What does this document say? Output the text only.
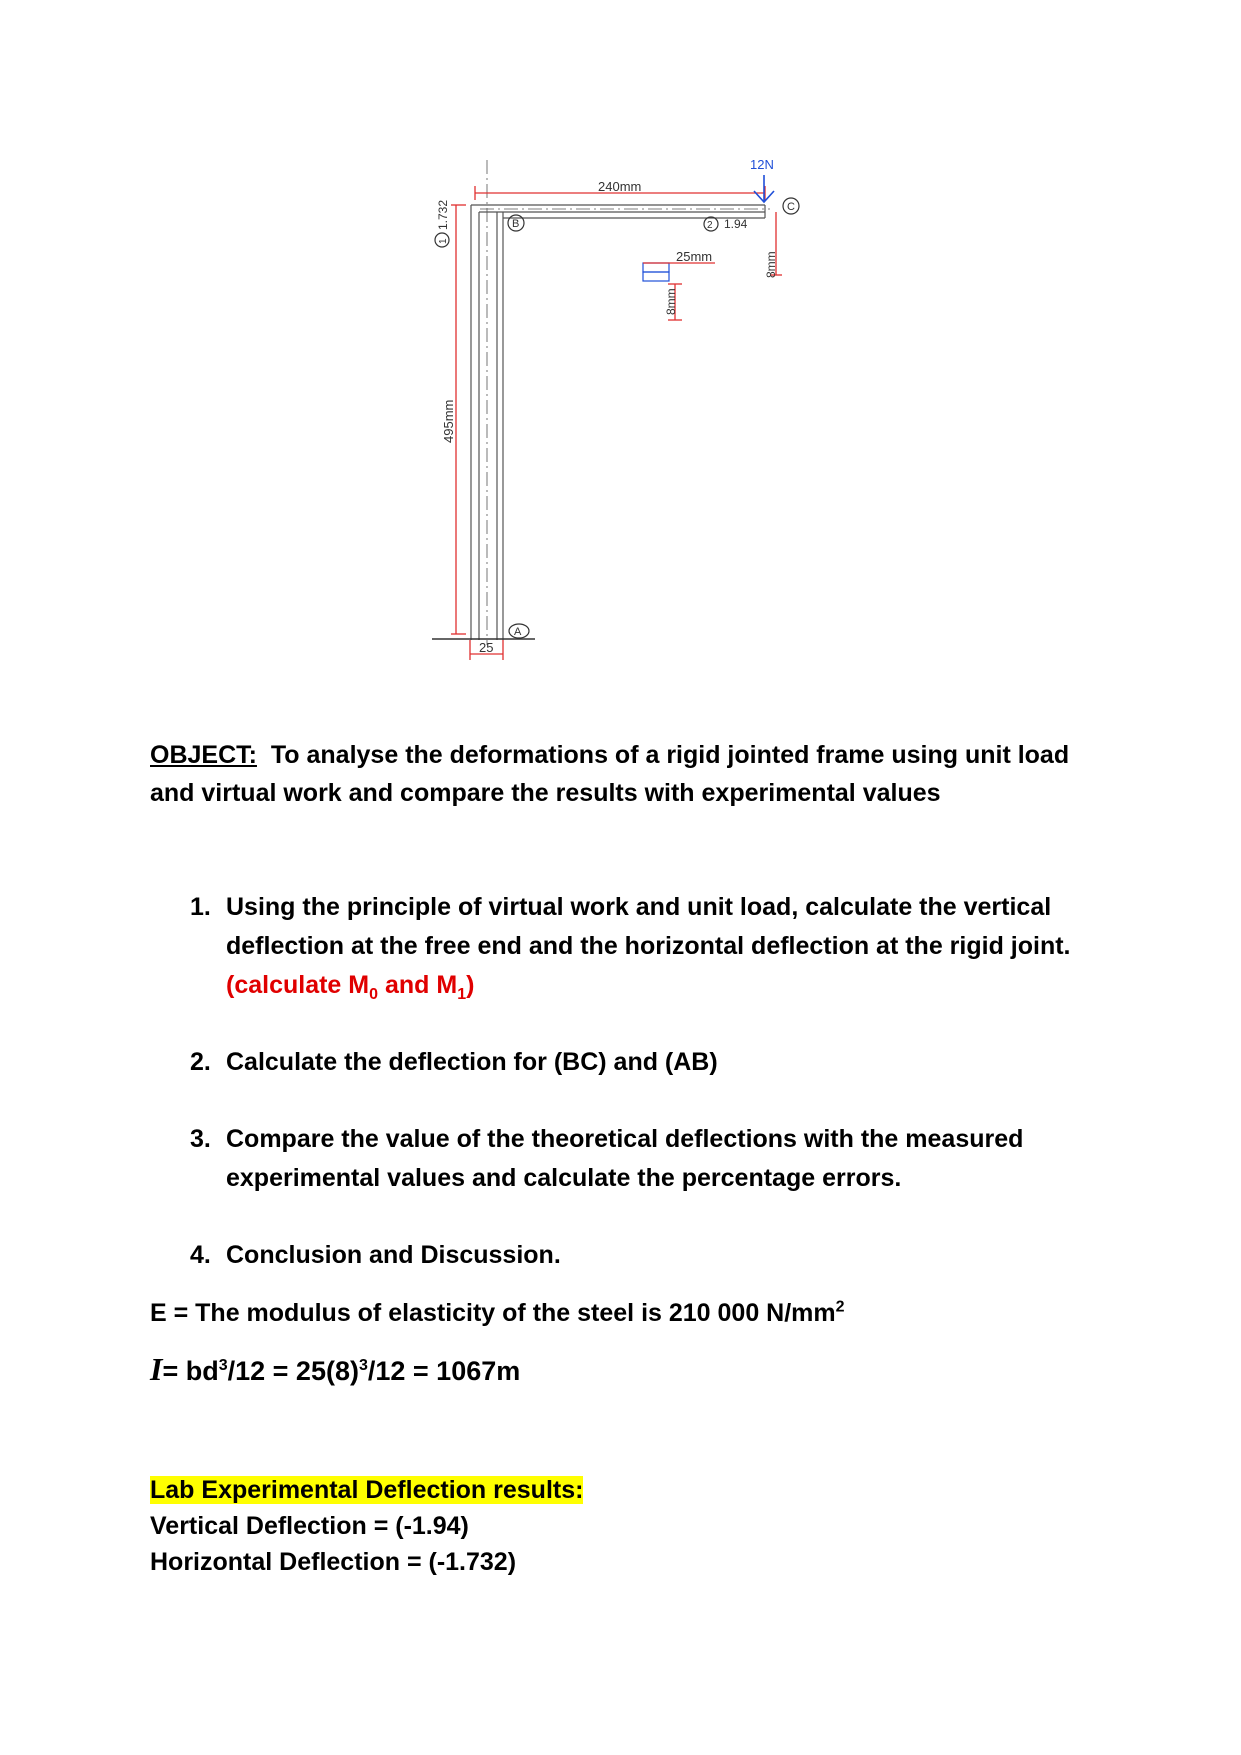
240mm
495mm
25
1
1.732	B
A
C
12N
2 1.94
25mm
8mm
8mm

OBJECT: To analyse the deformations of a rigid jointed frame using unit load
and virtual work and compare the results with experimental values

1. Using the principle of virtual work and unit load, calculate the vertical deflection at the free end and the horizontal deflection at the rigid joint. (calculate $M_0$ and $M_1$)
2. Calculate the deflection for (BC) and (AB)
3. Compare the value of the theoretical deflections with the measured experimental values and calculate the percentage errors.
4. Conclusion and Discussion.

E = The modulus of elasticity of the steel is 210 000 $N/mm^2$

$I= bd^3/12 = 25(8)^3/12 = 1067m$

Lab Experimental Deflection results:
Vertical Deflection = (-1.94)
Horizontal Deflection = (-1.732)
